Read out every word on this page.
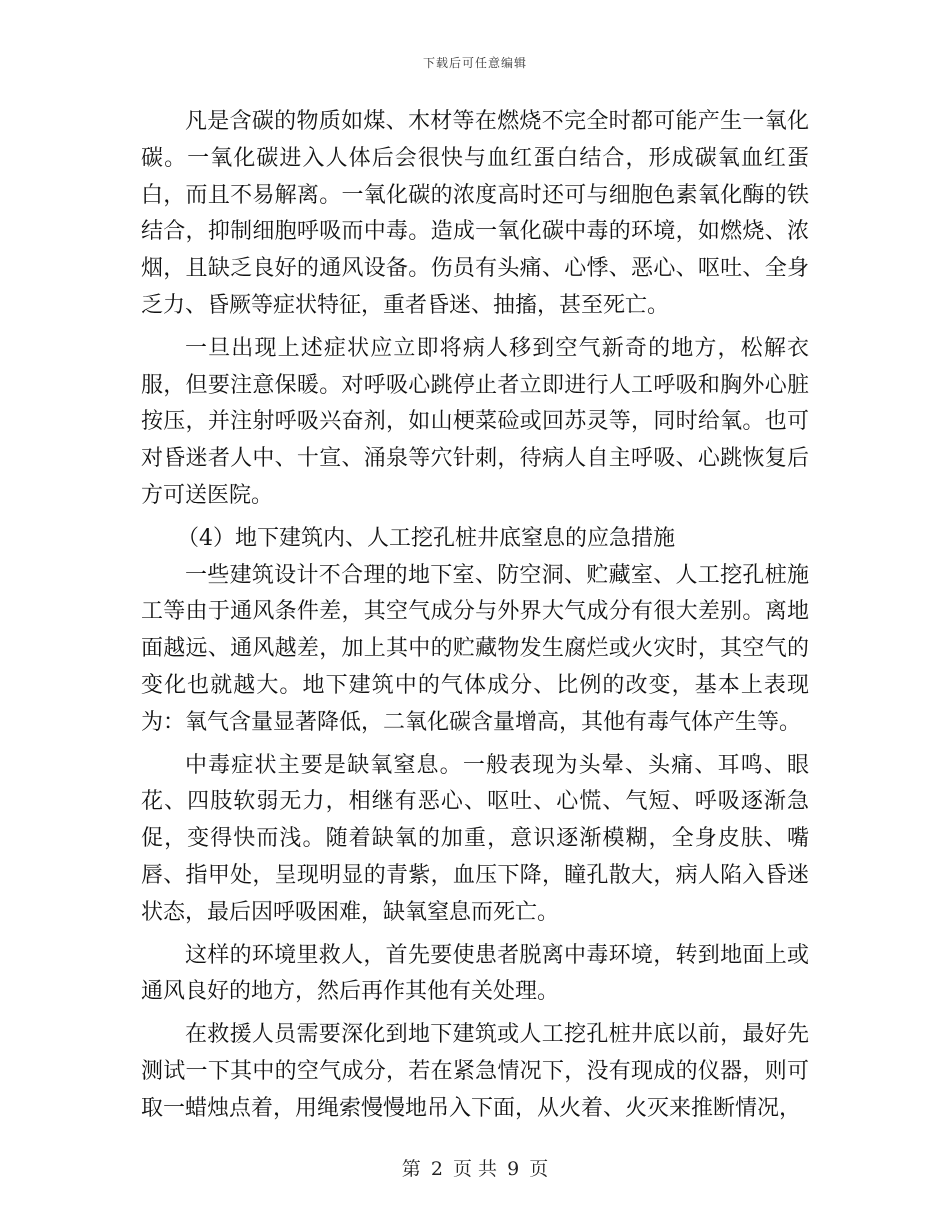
下载后可任意编辑

凡是含碳的物质如煤、木材等在燃烧不完全时都可能产生一氧化碳。一氧化碳进入人体后会很快与血红蛋白结合，形成碳氧血红蛋白，而且不易解离。一氧化碳的浓度高时还可与细胞色素氧化酶的铁结合，抑制细胞呼吸而中毒。造成一氧化碳中毒的环境，如燃烧、浓烟，且缺乏良好的通风设备。伤员有头痛、心悸、恶心、呕吐、全身乏力、昏厥等症状特征，重者昏迷、抽搐，甚至死亡。

一旦出现上述症状应立即将病人移到空气新奇的地方，松解衣服，但要注意保暖。对呼吸心跳停止者立即进行人工呼吸和胸外心脏按压，并注射呼吸兴奋剂，如山梗菜硷或回苏灵等，同时给氧。也可对昏迷者人中、十宣、涌泉等穴针刺，待病人自主呼吸、心跳恢复后方可送医院。

（4）地下建筑内、人工挖孔桩井底窒息的应急措施

一些建筑设计不合理的地下室、防空洞、贮藏室、人工挖孔桩施工等由于通风条件差，其空气成分与外界大气成分有很大差别。离地面越远、通风越差，加上其中的贮藏物发生腐烂或火灾时，其空气的变化也就越大。地下建筑中的气体成分、比例的改变，基本上表现为：氧气含量显著降低，二氧化碳含量增高，其他有毒气体产生等。

中毒症状主要是缺氧窒息。一般表现为头晕、头痛、耳鸣、眼花、四肢软弱无力，相继有恶心、呕吐、心慌、气短、呼吸逐渐急促，变得快而浅。随着缺氧的加重，意识逐渐模糊，全身皮肤、嘴唇、指甲处，呈现明显的青紫，血压下降，瞳孔散大，病人陷入昏迷状态，最后因呼吸困难，缺氧窒息而死亡。

这样的环境里救人，首先要使患者脱离中毒环境，转到地面上或通风良好的地方，然后再作其他有关处理。

在救援人员需要深化到地下建筑或人工挖孔桩井底以前，最好先测试一下其中的空气成分，若在紧急情况下，没有现成的仪器，则可取一蜡烛点着，用绳索慢慢地吊入下面，从火着、火灭来推断情况，

第 2 页 共 9 页
